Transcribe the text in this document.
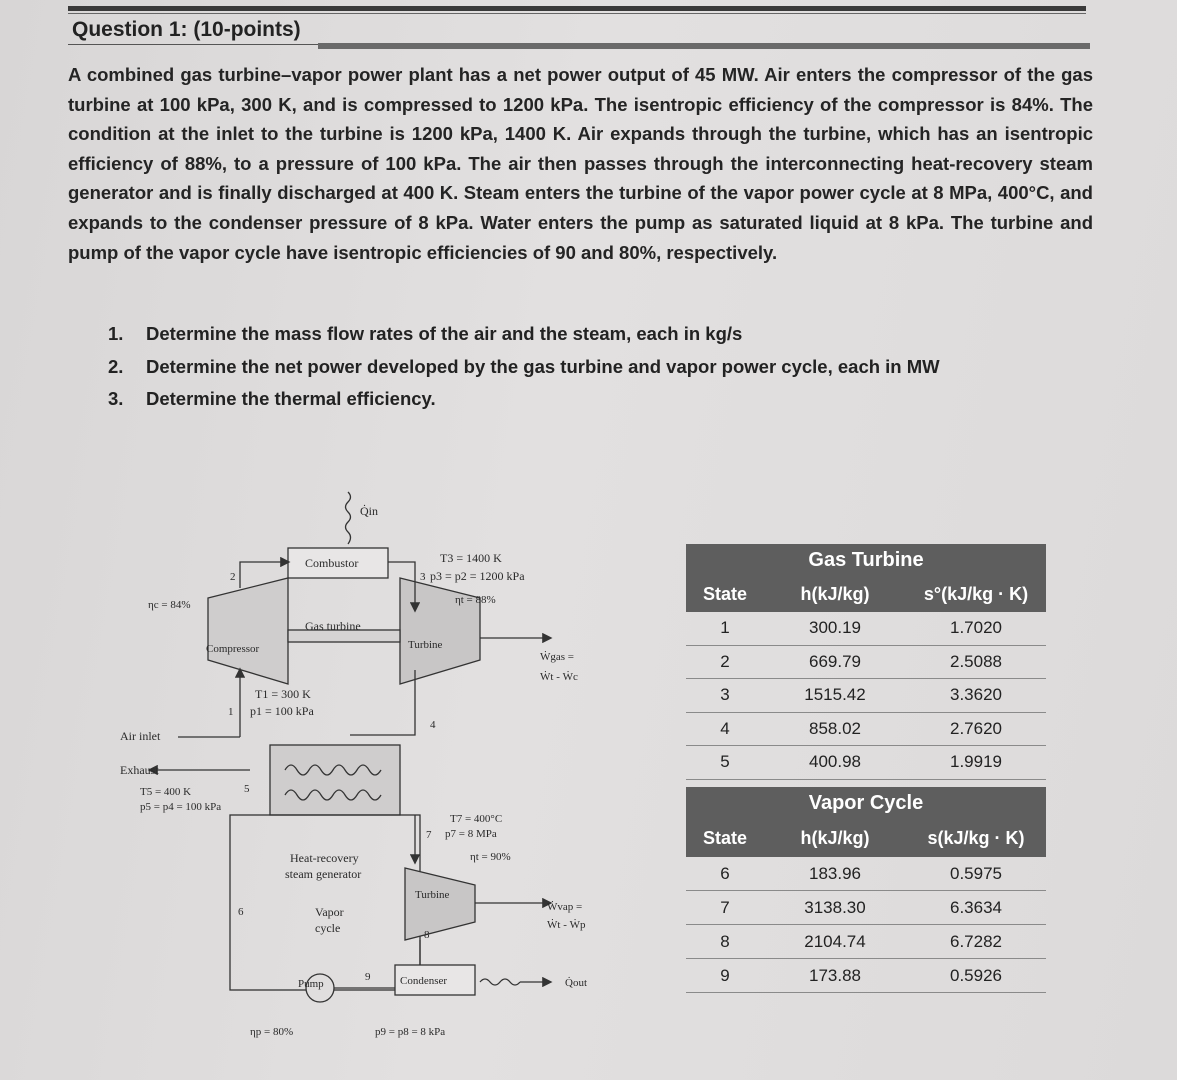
Question 1: (10-points)
A combined gas turbine–vapor power plant has a net power output of 45 MW. Air enters the compressor of the gas turbine at 100 kPa, 300 K, and is compressed to 1200 kPa. The isentropic efficiency of the compressor is 84%. The condition at the inlet to the turbine is 1200 kPa, 1400 K. Air expands through the turbine, which has an isentropic efficiency of 88%, to a pressure of 100 kPa. The air then passes through the interconnecting heat-recovery steam generator and is finally discharged at 400 K. Steam enters the turbine of the vapor power cycle at 8 MPa, 400°C, and expands to the condenser pressure of 8 kPa. Water enters the pump as saturated liquid at 8 kPa. The turbine and pump of the vapor cycle have isentropic efficiencies of 90 and 80%, respectively.
1. Determine the mass flow rates of the air and the steam, each in kg/s
2. Determine the net power developed by the gas turbine and vapor power cycle, each in MW
3. Determine the thermal efficiency.
Q̇in
Combustor
Gas turbine
Compressor	Turbine
ηc = 84%
T3 = 1400 K
p3 = p2 = 1200 kPa
ηt = 88%
Ẇgas =
Ẇt - Ẇc
T1 = 300 K
p1 = 100 kPa
Air inlet
Exhaust
T5 = 400 K
p5 = p4 = 100 kPa
T7 = 400°C
p7 = 8 MPa
ηt = 90%
Heat-recovery
steam generator
Vapor
cycle
Turbine
Ẇvap =
Ẇt - Ẇp
Pump	Condenser	Q̇out
ηp = 80%	p9 = p8 = 8 kPa
2	3
1
4
5
6
7
8
9
Gas Turbine
State	h(kJ/kg)	s°(kJ/kg · K)
1	300.19	1.7020
2	669.79	2.5088
3	1515.42	3.3620
4	858.02	2.7620
5	400.98	1.9919
Vapor Cycle
State	h(kJ/kg)	s(kJ/kg · K)
6	183.96	0.5975
7	3138.30	6.3634
8	2104.74	6.7282
9	173.88	0.5926
